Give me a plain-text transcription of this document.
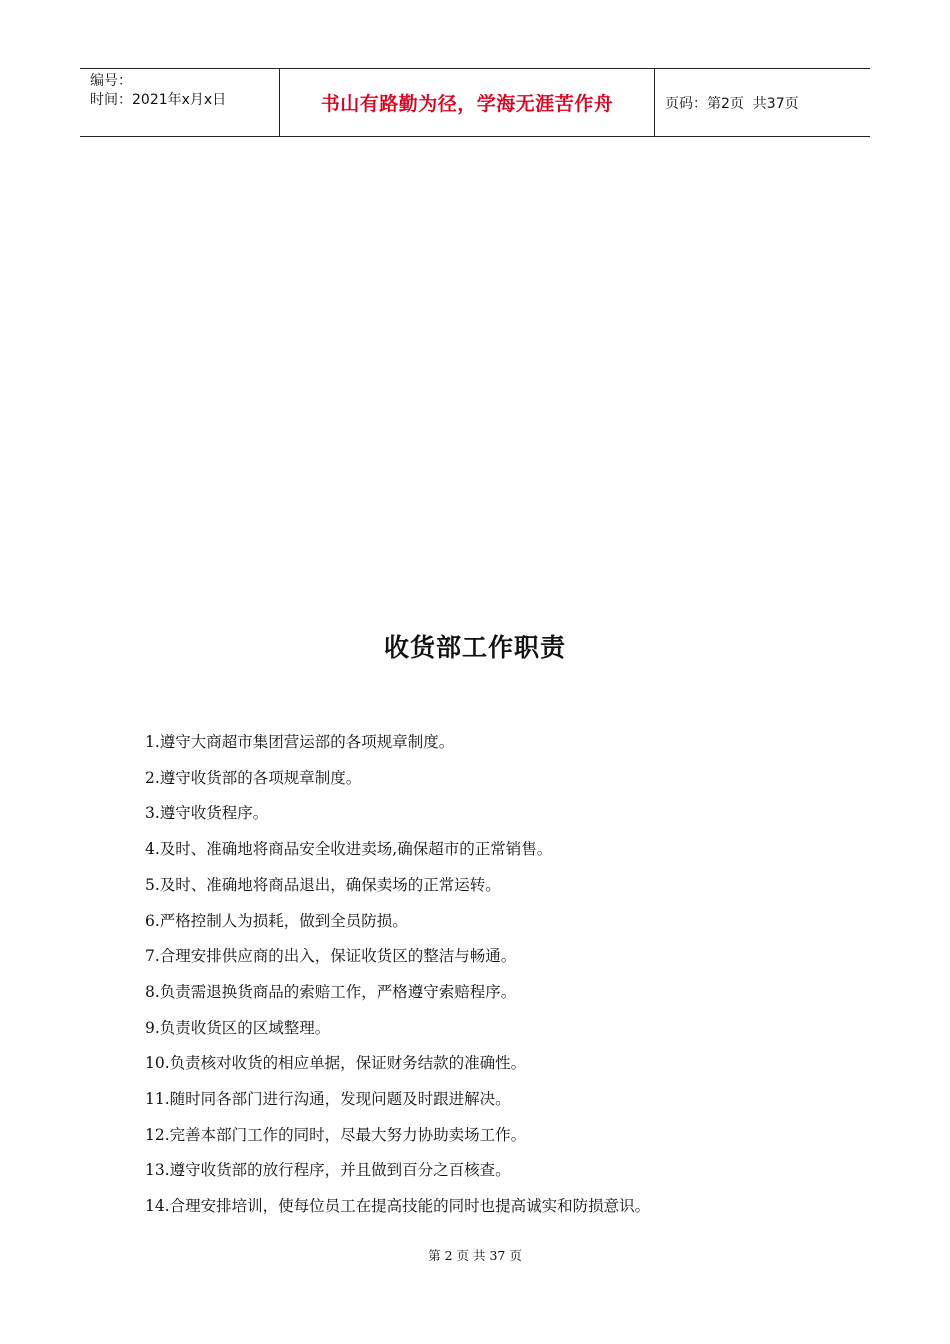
编号：
时间：2021年x月x日	书山有路勤为径，学海无涯苦作舟	页码：第2页  共37页
收货部工作职责
1.遵守大商超市集团营运部的各项规章制度。
2.遵守收货部的各项规章制度。
3.遵守收货程序。
4.及时、准确地将商品安全收进卖场,确保超市的正常销售。
5.及时、准确地将商品退出，确保卖场的正常运转。
6.严格控制人为损耗，做到全员防损。
7.合理安排供应商的出入，保证收货区的整洁与畅通。
8.负责需退换货商品的索赔工作，严格遵守索赔程序。
9.负责收货区的区域整理。
10.负责核对收货的相应单据，保证财务结款的准确性。
11.随时同各部门进行沟通，发现问题及时跟进解决。
12.完善本部门工作的同时，尽最大努力协助卖场工作。
13.遵守收货部的放行程序，并且做到百分之百核查。
14.合理安排培训，使每位员工在提高技能的同时也提高诚实和防损意识。
第 2 页 共 37 页
